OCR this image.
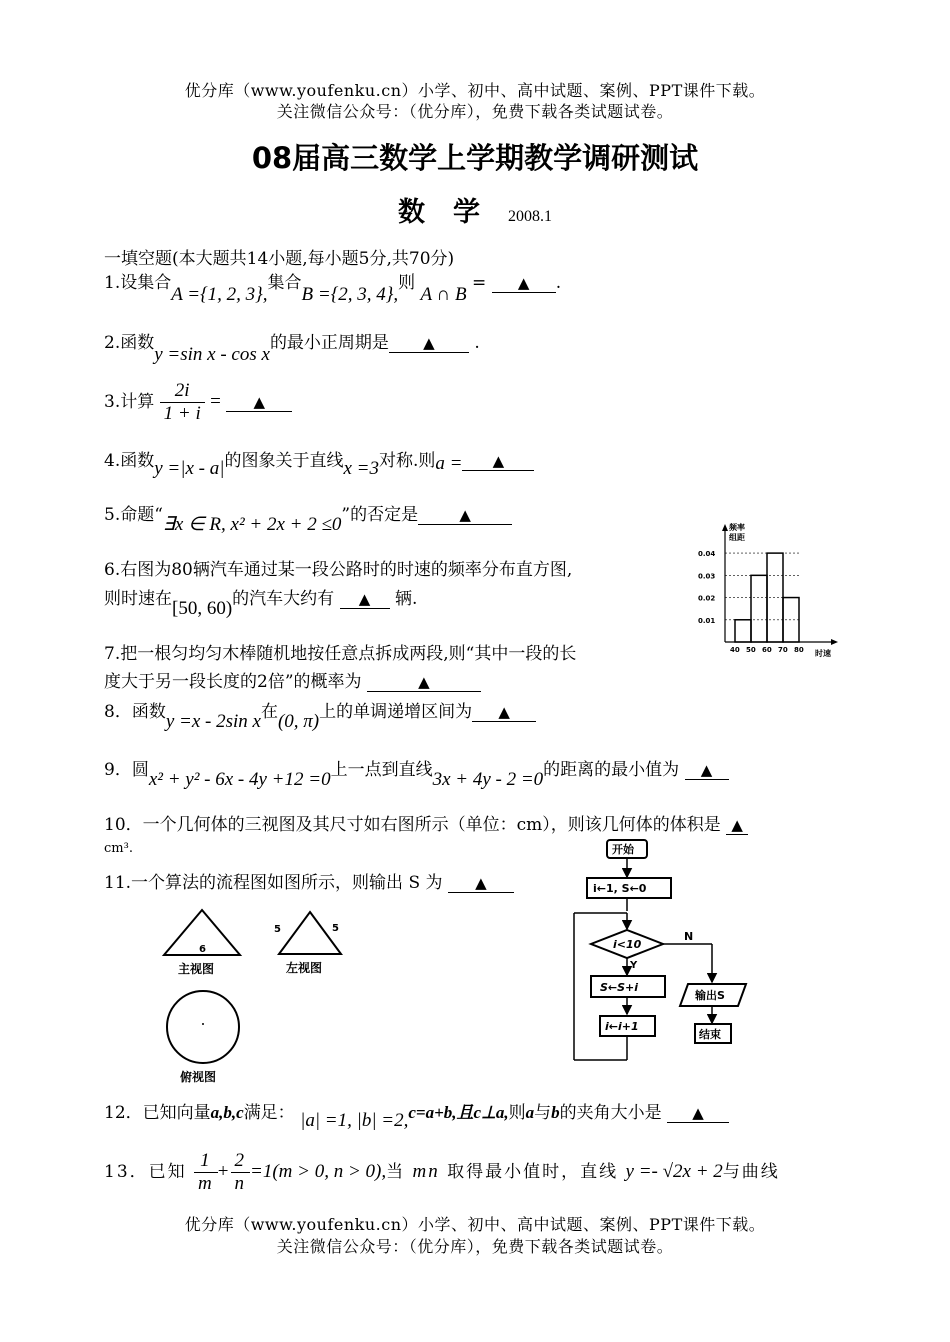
优分库（www.youfenku.cn）小学、初中、高中试题、案例、PPT课件下载。
关注微信公众号：（优分库），免费下载各类试题试卷。
08届高三数学上学期教学调研测试
数学2008.1
一填空题(本大题共14小题,每小题5分,共70分)
1.设集合A ={1, 2, 3},集合B ={2, 3, 4},则 A ∩ B = ▲ .
2.函数y =sin x - cos x的最小正周期是 ▲ .
3.计算 $\frac{2i}{1 + i}$ = ▲
4.函数y =|x - a|的图象关于直线x =3对称.则a = ▲
5.命题“∃x ∈ R, x² + 2x + 2 ≤0”的否定是	▲
6.右图为80辆汽车通过某一段公路时的时速的频率分布直方图,
则时速在[50, 60)的汽车大约有 ▲ 辆.
频率
组距
0.04
0.03
0.02
0.01
40 50 60 70 80 时速
7.把一根匀均匀木棒随机地按任意点拆成两段,则“其中一段的长
度大于另一段长度的2倍”的概率为	▲
8．函数y =x - 2sin x在(0, π)上的单调递增区间为 ▲
9．圆x² + y² - 6x - 4y +12 =0上一点到直线3x + 4y - 2 =0的距离的最小值为 ▲
10．一个几何体的三视图及其尺寸如右图所示（单位：cm），则该几何体的体积是 ▲
cm³.
11.一个算法的流程图如图所示，则输出 S 为 ▲
6
主视图
5	5
左视图
俯视图
开始
i←1, S←0
i<10
N
Y
S←S+i
i←i+1
输出S
结束
12．已知向量a,b,c满足： |a| =1, |b| =2,c=a+b,且c⊥a,则a与b的夹角大小是 ▲
13．已知 $\frac{1}{m} + \frac{2}{n} =1(m > 0$, n > 0),当 mn 取得最小值时，直线 y =- √2x + 2与曲线
优分库（www.youfenku.cn）小学、初中、高中试题、案例、PPT课件下载。
关注微信公众号：（优分库），免费下载各类试题试卷。
